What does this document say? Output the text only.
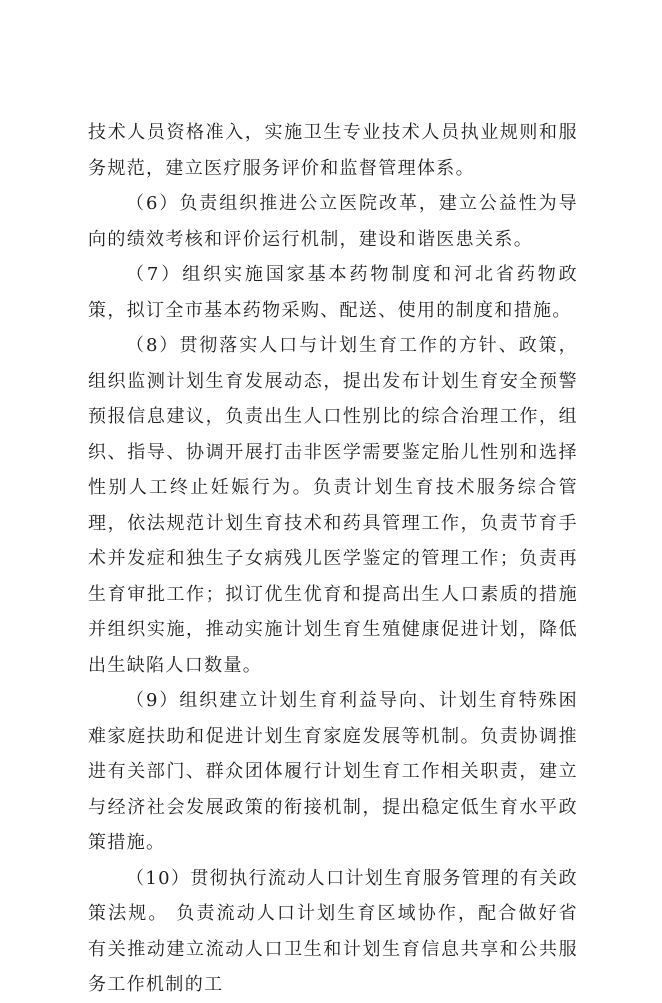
技术人员资格准入，实施卫生专业技术人员执业规则和服务规范，建立医疗服务评价和监督管理体系。

（6）负责组织推进公立医院改革，建立公益性为导向的绩效考核和评价运行机制，建设和谐医患关系。

（7）组织实施国家基本药物制度和河北省药物政策，拟订全市基本药物采购、配送、使用的制度和措施。

（8）贯彻落实人口与计划生育工作的方针、政策，组织监测计划生育发展动态，提出发布计划生育安全预警预报信息建议，负责出生人口性别比的综合治理工作，组织、指导、协调开展打击非医学需要鉴定胎儿性别和选择性别人工终止妊娠行为。负责计划生育技术服务综合管理，依法规范计划生育技术和药具管理工作，负责节育手术并发症和独生子女病残儿医学鉴定的管理工作；负责再生育审批工作；拟订优生优育和提高出生人口素质的措施并组织实施，推动实施计划生育生殖健康促进计划，降低出生缺陷人口数量。

（9）组织建立计划生育利益导向、计划生育特殊困难家庭扶助和促进计划生育家庭发展等机制。负责协调推进有关部门、群众团体履行计划生育工作相关职责，建立与经济社会发展政策的衔接机制，提出稳定低生育水平政策措施。

（10）贯彻执行流动人口计划生育服务管理的有关政策法规。 负责流动人口计划生育区域协作，配合做好省有关推动建立流动人口卫生和计划生育信息共享和公共服务工作机制的工
